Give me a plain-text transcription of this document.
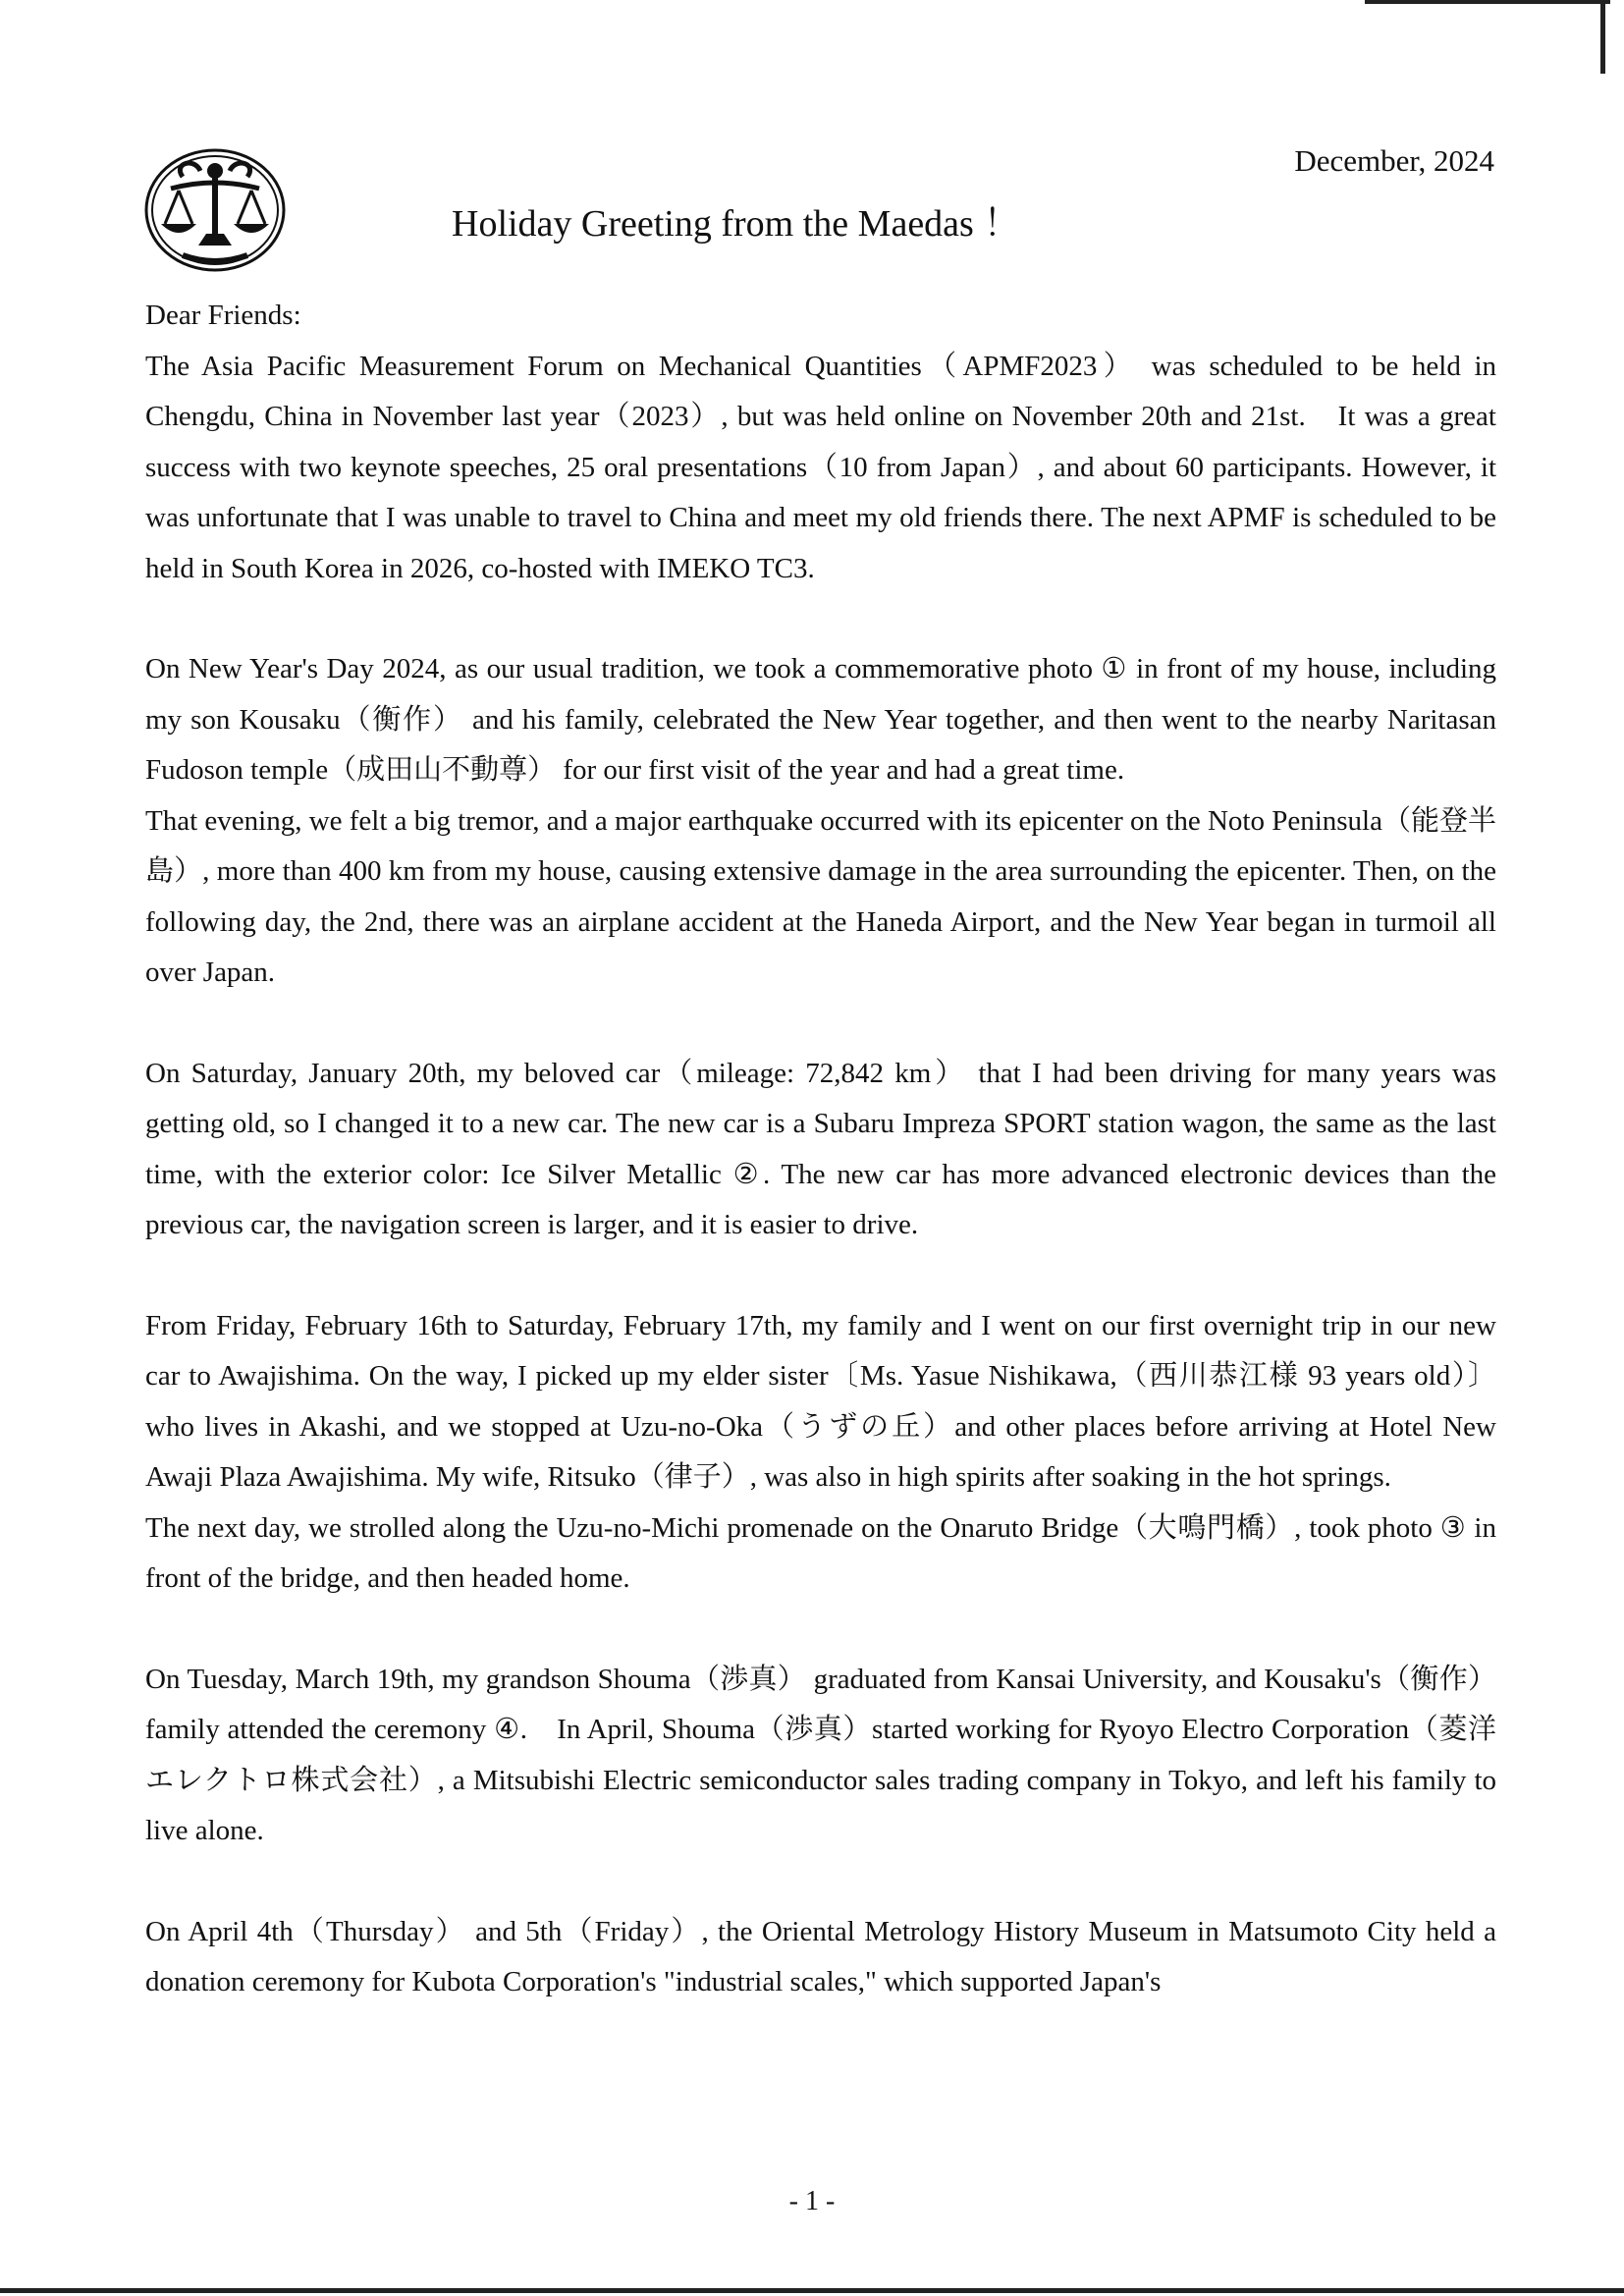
December, 2024
Holiday Greeting from the Maedas ！

Dear Friends:

The Asia Pacific Measurement Forum on Mechanical Quantities（APMF2023） was scheduled to be held in Chengdu, China in November last year（2023）, but was held online on November 20th and 21st.　It was a great success with two keynote speeches, 25 oral presentations（10 from Japan）, and about 60 participants. However, it was unfortunate that I was unable to travel to China and meet my old friends there. The next APMF is scheduled to be held in South Korea in 2026, co-hosted with IMEKO TC3.

On New Year's Day 2024, as our usual tradition, we took a commemorative photo ① in front of my house, including my son Kousaku（衡作） and his family, celebrated the New Year together, and then went to the nearby Naritasan Fudoson temple（成田山不動尊） for our first visit of the year and had a great time.

That evening, we felt a big tremor, and a major earthquake occurred with its epicenter on the Noto Peninsula（能登半島）, more than 400 km from my house, causing extensive damage in the area surrounding the epicenter. Then, on the following day, the 2nd, there was an airplane accident at the Haneda Airport, and the New Year began in turmoil all over Japan.

On Saturday, January 20th, my beloved car（mileage: 72,842 km） that I had been driving for many years was getting old, so I changed it to a new car. The new car is a Subaru Impreza SPORT station wagon, the same as the last time, with the exterior color: Ice Silver Metallic ②. The new car has more advanced electronic devices than the previous car, the navigation screen is larger, and it is easier to drive.

From Friday, February 16th to Saturday, February 17th, my family and I went on our first overnight trip in our new car to Awajishima. On the way, I picked up my elder sister〔Ms. Yasue Nishikawa,（西川恭江様 93 years old）〕who lives in Akashi, and we stopped at Uzu-no-Oka（うずの丘）and other places before arriving at Hotel New Awaji Plaza Awajishima. My wife, Ritsuko（律子）, was also in high spirits after soaking in the hot springs.

The next day, we strolled along the Uzu-no-Michi promenade on the Onaruto Bridge（大鳴門橋）, took photo ③ in front of the bridge, and then headed home.

On Tuesday, March 19th, my grandson Shouma（渉真） graduated from Kansai University, and Kousaku's（衡作） family attended the ceremony ④.　In April, Shouma（渉真）started working for Ryoyo Electro Corporation（菱洋エレクトロ株式会社）, a Mitsubishi Electric semiconductor sales trading company in Tokyo, and left his family to live alone.

On April 4th（Thursday） and 5th（Friday）, the Oriental Metrology History Museum in Matsumoto City held a donation ceremony for Kubota Corporation's "industrial scales," which supported Japan's

- 1 -
